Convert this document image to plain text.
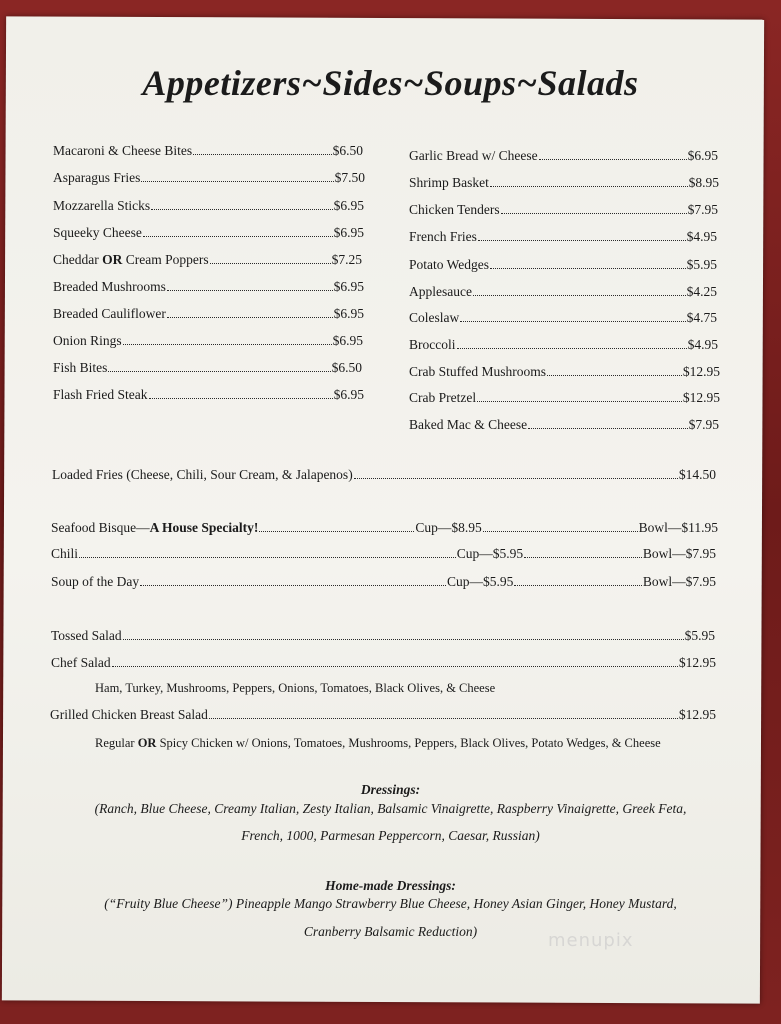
Appetizers~Sides~Soups~Salads
Macaroni & Cheese Bites	$6.50
Asparagus Fries	$7.50
Mozzarella Sticks	$6.95
Squeeky Cheese	$6.95
Cheddar OR Cream Poppers	$7.25
Breaded Mushrooms	$6.95
Breaded Cauliflower	$6.95
Onion Rings	$6.95
Fish Bites	$6.50
Flash Fried Steak	$6.95
Garlic Bread w/ Cheese	$6.95
Shrimp Basket	$8.95
Chicken Tenders	$7.95
French Fries	$4.95
Potato Wedges	$5.95
Applesauce	$4.25
Coleslaw	$4.75
Broccoli	$4.95
Crab Stuffed Mushrooms	$12.95
Crab Pretzel	$12.95
Baked Mac & Cheese	$7.95
Loaded Fries (Cheese, Chili, Sour Cream, & Jalapenos)	$14.50
Seafood Bisque—A House Specialty!	Cup—$8.95	Bowl—$11.95
Chili	Cup—$5.95	Bowl—$7.95
Soup of the Day	Cup—$5.95	Bowl—$7.95
Tossed Salad	$5.95
Chef Salad	$12.95
Ham, Turkey, Mushrooms, Peppers, Onions, Tomatoes, Black Olives, & Cheese
Grilled Chicken Breast Salad	$12.95
Regular OR Spicy Chicken w/ Onions, Tomatoes, Mushrooms, Peppers, Black Olives, Potato Wedges, & Cheese
Dressings:
(Ranch, Blue Cheese, Creamy Italian, Zesty Italian, Balsamic Vinaigrette, Raspberry Vinaigrette, Greek Feta,
French, 1000, Parmesan Peppercorn, Caesar, Russian)
Home-made Dressings:
(“Fruity Blue Cheese”) Pineapple Mango Strawberry Blue Cheese, Honey Asian Ginger, Honey Mustard,
Cranberry Balsamic Reduction)	menupix
